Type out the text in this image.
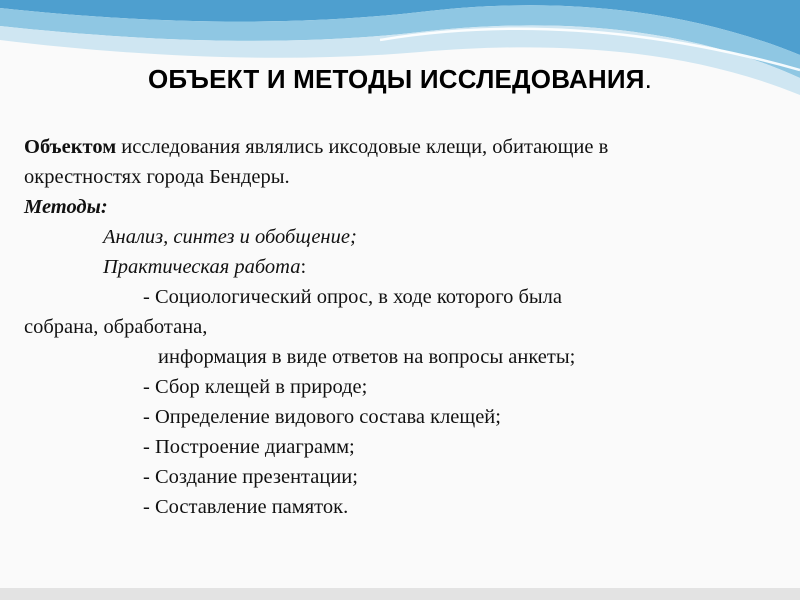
ОБЪЕКТ И МЕТОДЫ ИССЛЕДОВАНИЯ.
Объектом исследования являлись иксодовые клещи, обитающие в
окрестностях города Бендеры.
Методы:
Анализ, синтез и обобщение;
Практическая работа:
- Социологический опрос, в ходе которого была
собрана, обработана,
информация в виде ответов на вопросы анкеты;
- Сбор клещей в природе;
- Определение видового состава клещей;
- Построение диаграмм;
- Создание презентации;
- Составление памяток.
